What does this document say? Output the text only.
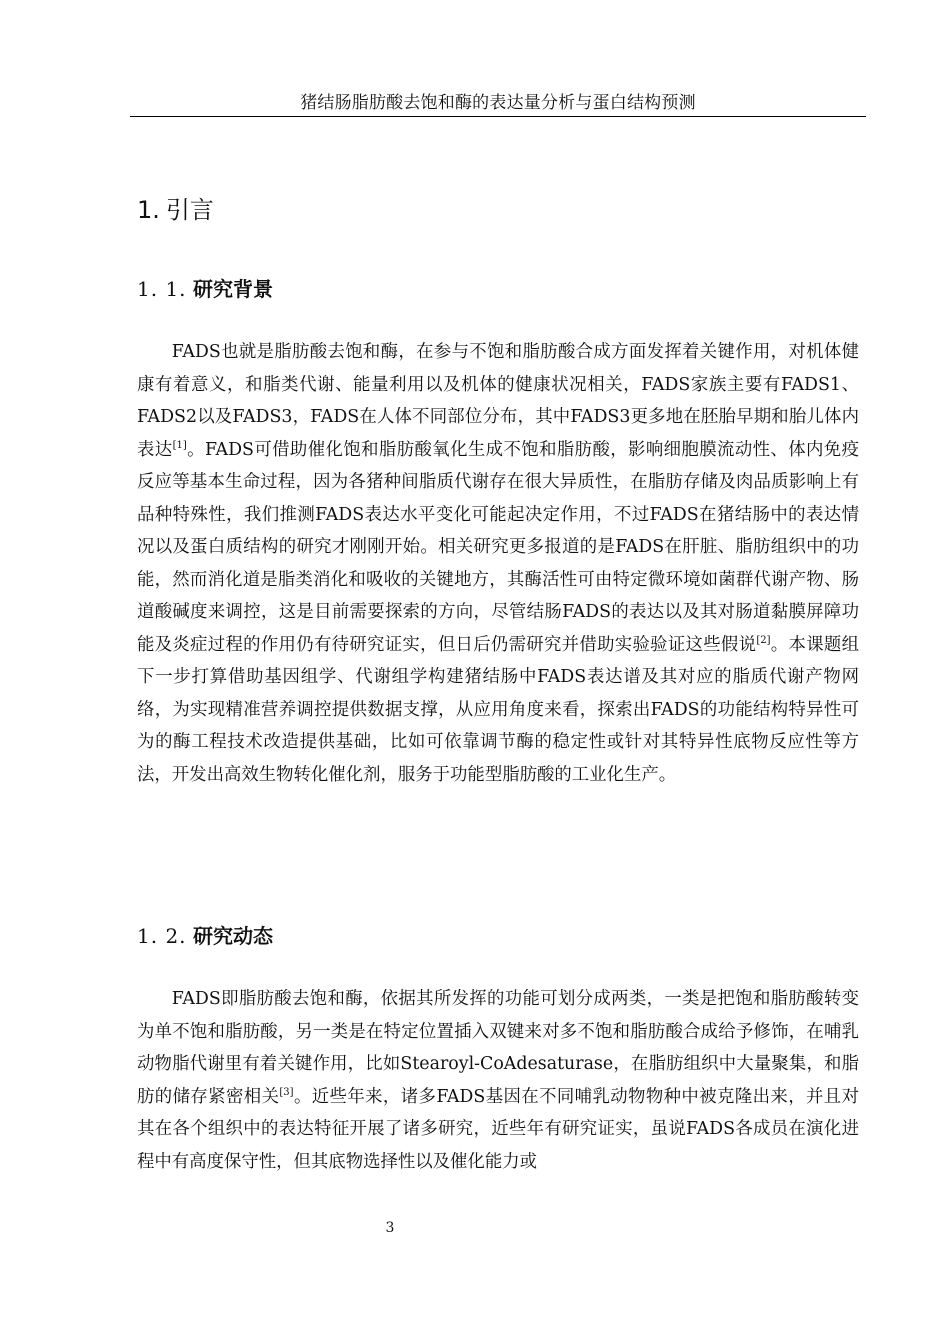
猪结肠脂肪酸去饱和酶的表达量分析与蛋白结构预测
1. 引言
1. 1. 研究背景

FADS也就是脂肪酸去饱和酶，在参与不饱和脂肪酸合成方面发挥着关键作用，对机体健康有着意义，和脂类代谢、能量利用以及机体的健康状况相关，FADS家族主要有FADS1、FADS2以及FADS3，FADS在人体不同部位分布，其中FADS3更多地在胚胎早期和胎儿体内表达[1]。FADS可借助催化饱和脂肪酸氧化生成不饱和脂肪酸，影响细胞膜流动性、体内免疫反应等基本生命过程，因为各猪种间脂质代谢存在很大异质性，在脂肪存储及肉品质影响上有品种特殊性，我们推测FADS表达水平变化可能起决定作用，不过FADS在猪结肠中的表达情况以及蛋白质结构的研究才刚刚开始。相关研究更多报道的是FADS在肝脏、脂肪组织中的功能，然而消化道是脂类消化和吸收的关键地方，其酶活性可由特定微环境如菌群代谢产物、肠道酸碱度来调控，这是目前需要探索的方向，尽管结肠FADS的表达以及其对肠道黏膜屏障功能及炎症过程的作用仍有待研究证实，但日后仍需研究并借助实验验证这些假说[2]。本课题组下一步打算借助基因组学、代谢组学构建猪结肠中FADS表达谱及其对应的脂质代谢产物网络，为实现精准营养调控提供数据支撑，从应用角度来看，探索出FADS的功能结构特异性可为的酶工程技术改造提供基础，比如可依靠调节酶的稳定性或针对其特异性底物反应性等方法，开发出高效生物转化催化剂，服务于功能型脂肪酸的工业化生产。

1. 2. 研究动态

FADS即脂肪酸去饱和酶，依据其所发挥的功能可划分成两类，一类是把饱和脂肪酸转变为单不饱和脂肪酸，另一类是在特定位置插入双键来对多不饱和脂肪酸合成给予修饰，在哺乳动物脂代谢里有着关键作用，比如Stearoyl-CoAdesaturase，在脂肪组织中大量聚集，和脂肪的储存紧密相关[3]。近些年来，诸多FADS基因在不同哺乳动物物种中被克隆出来，并且对其在各个组织中的表达特征开展了诸多研究，近些年有研究证实，虽说FADS各成员在演化进程中有高度保守性，但其底物选择性以及催化能力或

3
